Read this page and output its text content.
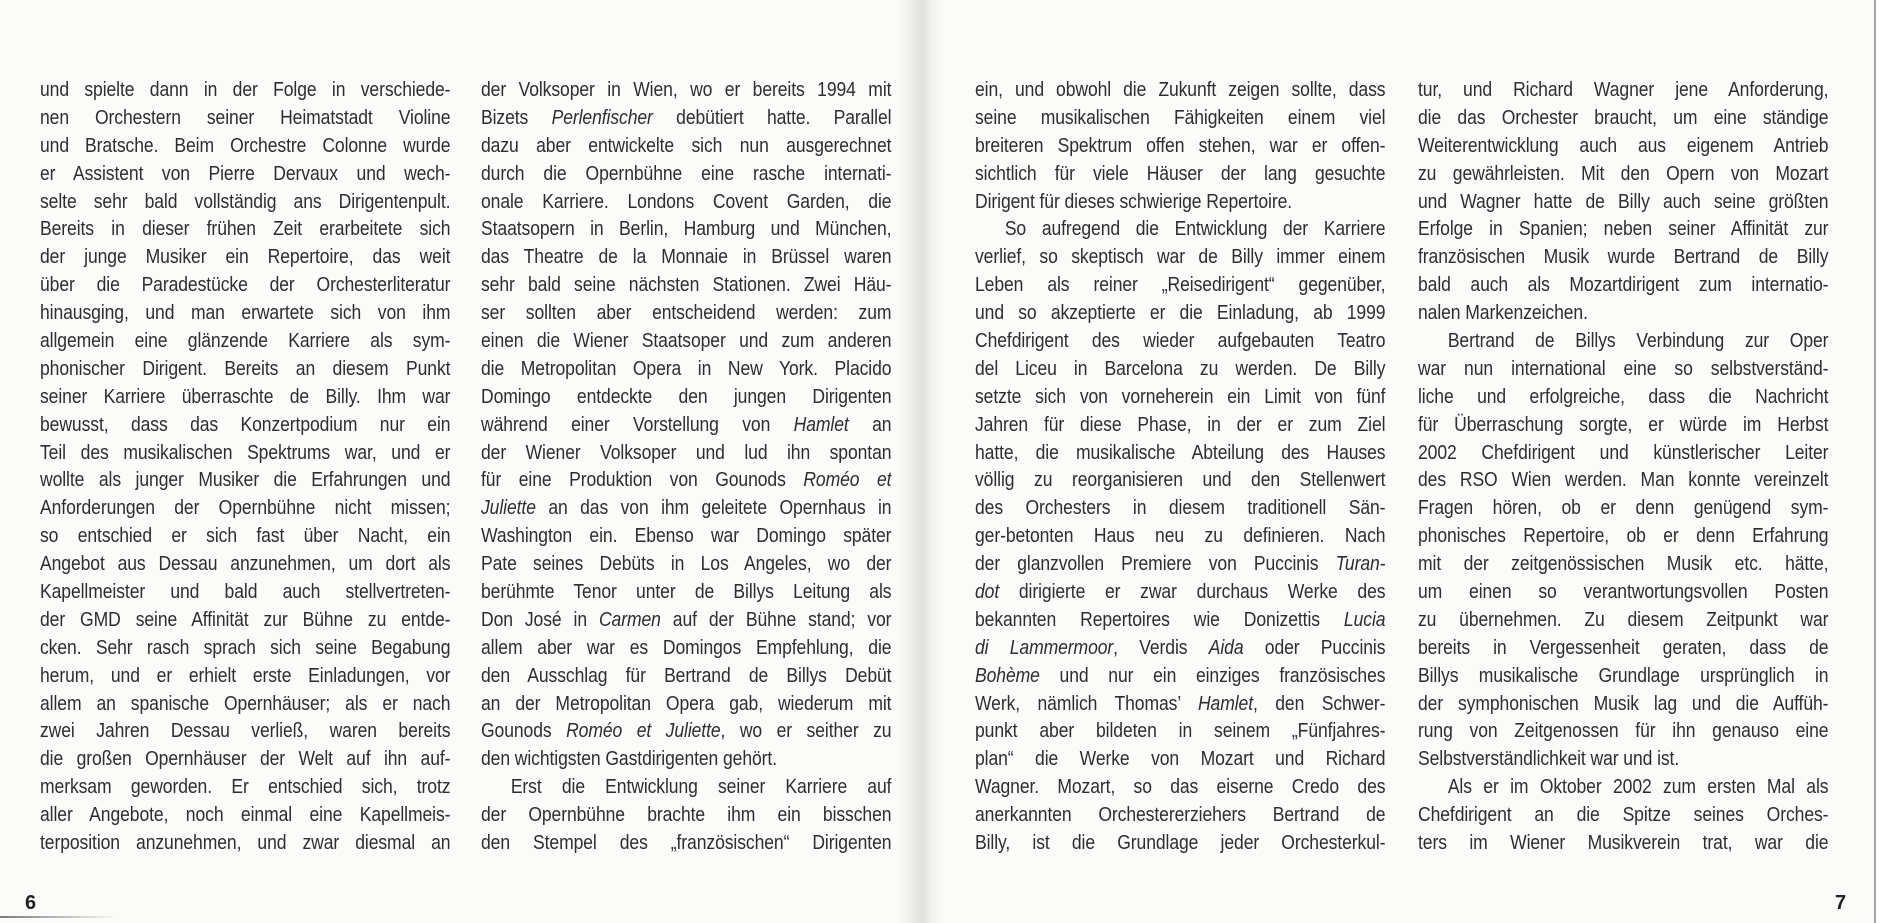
und spielte dann in der Folge in verschiede-
nen Orchestern seiner Heimatstadt Violine
und Bratsche. Beim Orchestre Colonne wurde
er Assistent von Pierre Dervaux und wech-
selte sehr bald vollständig ans Dirigentenpult.
Bereits in dieser frühen Zeit erarbeitete sich
der junge Musiker ein Repertoire, das weit
über die Paradestücke der Orchesterliteratur
hinausging, und man erwartete sich von ihm
allgemein eine glänzende Karriere als sym-
phonischer Dirigent. Bereits an diesem Punkt
seiner Karriere überraschte de Billy. Ihm war
bewusst, dass das Konzertpodium nur ein
Teil des musikalischen Spektrums war, und er
wollte als junger Musiker die Erfahrungen und
Anforderungen der Opernbühne nicht missen;
so entschied er sich fast über Nacht, ein
Angebot aus Dessau anzunehmen, um dort als
Kapellmeister und bald auch stellvertreten-
der GMD seine Affinität zur Bühne zu entde-
cken. Sehr rasch sprach sich seine Begabung
herum, und er erhielt erste Einladungen, vor
allem an spanische Opernhäuser; als er nach
zwei Jahren Dessau verließ, waren bereits
die großen Opernhäuser der Welt auf ihn auf-
merksam geworden. Er entschied sich, trotz
aller Angebote, noch einmal eine Kapellmeis-
terposition anzunehmen, und zwar diesmal an
der Volksoper in Wien, wo er bereits 1994 mit
Bizets Perlenfischer debütiert hatte. Parallel
dazu aber entwickelte sich nun ausgerechnet
durch die Opernbühne eine rasche internati-
onale Karriere. Londons Covent Garden, die
Staatsopern in Berlin, Hamburg und München,
das Theatre de la Monnaie in Brüssel waren
sehr bald seine nächsten Stationen. Zwei Häu-
ser sollten aber entscheidend werden: zum
einen die Wiener Staatsoper und zum anderen
die Metropolitan Opera in New York. Placido
Domingo entdeckte den jungen Dirigenten
während einer Vorstellung von Hamlet an
der Wiener Volksoper und lud ihn spontan
für eine Produktion von Gounods Roméo et
Juliette an das von ihm geleitete Opernhaus in
Washington ein. Ebenso war Domingo später
Pate seines Debüts in Los Angeles, wo der
berühmte Tenor unter de Billys Leitung als
Don José in Carmen auf der Bühne stand; vor
allem aber war es Domingos Empfehlung, die
den Ausschlag für Bertrand de Billys Debüt
an der Metropolitan Opera gab, wiederum mit
Gounods Roméo et Juliette, wo er seither zu
den wichtigsten Gastdirigenten gehört.
Erst die Entwicklung seiner Karriere auf
der Opernbühne brachte ihm ein bisschen
den Stempel des „französischen“ Dirigenten
6
ein, und obwohl die Zukunft zeigen sollte, dass
seine musikalischen Fähigkeiten einem viel
breiteren Spektrum offen stehen, war er offen-
sichtlich für viele Häuser der lang gesuchte
Dirigent für dieses schwierige Repertoire.
So aufregend die Entwicklung der Karriere
verlief, so skeptisch war de Billy immer einem
Leben als reiner „Reisedirigent“ gegenüber,
und so akzeptierte er die Einladung, ab 1999
Chefdirigent des wieder aufgebauten Teatro
del Liceu in Barcelona zu werden. De Billy
setzte sich von vorneherein ein Limit von fünf
Jahren für diese Phase, in der er zum Ziel
hatte, die musikalische Abteilung des Hauses
völlig zu reorganisieren und den Stellenwert
des Orchesters in diesem traditionell Sän-
ger-betonten Haus neu zu definieren. Nach
der glanzvollen Premiere von Puccinis Turan-
dot dirigierte er zwar durchaus Werke des
bekannten Repertoires wie Donizettis Lucia
di Lammermoor, Verdis Aida oder Puccinis
Bohème und nur ein einziges französisches
Werk, nämlich Thomas’ Hamlet, den Schwer-
punkt aber bildeten in seinem „Fünfjahres-
plan“ die Werke von Mozart und Richard
Wagner. Mozart, so das eiserne Credo des
anerkannten Orchestererziehers Bertrand de
Billy, ist die Grundlage jeder Orchesterkul-
tur, und Richard Wagner jene Anforderung,
die das Orchester braucht, um eine ständige
Weiterentwicklung auch aus eigenem Antrieb
zu gewährleisten. Mit den Opern von Mozart
und Wagner hatte de Billy auch seine größten
Erfolge in Spanien; neben seiner Affinität zur
französischen Musik wurde Bertrand de Billy
bald auch als Mozartdirigent zum internatio-
nalen Markenzeichen.
Bertrand de Billys Verbindung zur Oper
war nun international eine so selbstverständ-
liche und erfolgreiche, dass die Nachricht
für Überraschung sorgte, er würde im Herbst
2002 Chefdirigent und künstlerischer Leiter
des RSO Wien werden. Man konnte vereinzelt
Fragen hören, ob er denn genügend sym-
phonisches Repertoire, ob er denn Erfahrung
mit der zeitgenössischen Musik etc. hätte,
um einen so verantwortungsvollen Posten
zu übernehmen. Zu diesem Zeitpunkt war
bereits in Vergessenheit geraten, dass de
Billys musikalische Grundlage ursprünglich in
der symphonischen Musik lag und die Auffüh-
rung von Zeitgenossen für ihn genauso eine
Selbstverständlichkeit war und ist.
Als er im Oktober 2002 zum ersten Mal als
Chefdirigent an die Spitze seines Orches-
ters im Wiener Musikverein trat, war die
7
